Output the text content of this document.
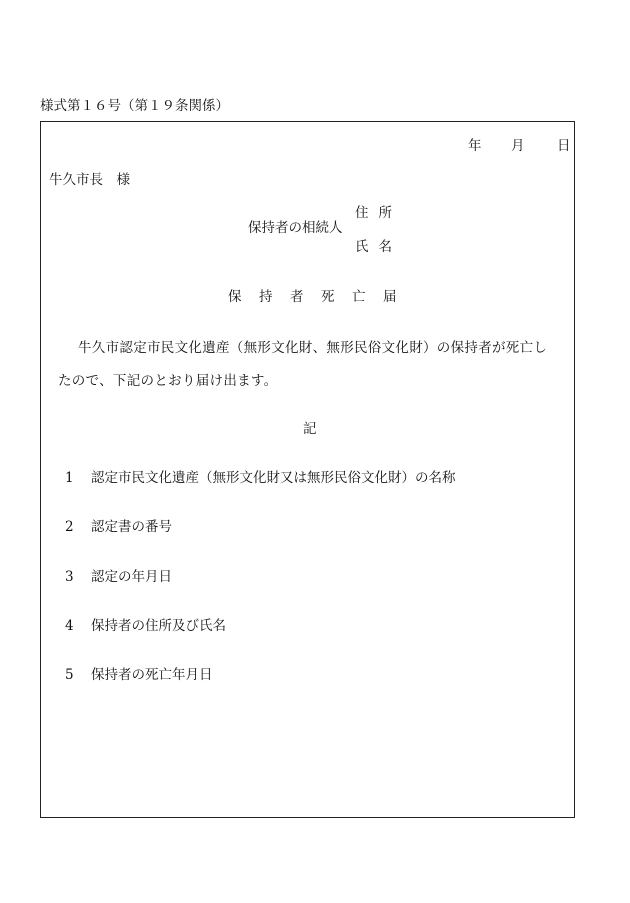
様式第１６号（第１９条関係）
年 月 日
牛久市長　様
保持者の相続人
住所
氏名
保持者死亡届
牛久市認定市民文化遺産（無形文化財、無形民俗文化財）の保持者が死亡し
たので、下記のとおり届け出ます。
記
1 認定市民文化遺産（無形文化財又は無形民俗文化財）の名称
2 認定書の番号
3 認定の年月日
4 保持者の住所及び氏名
5 保持者の死亡年月日
